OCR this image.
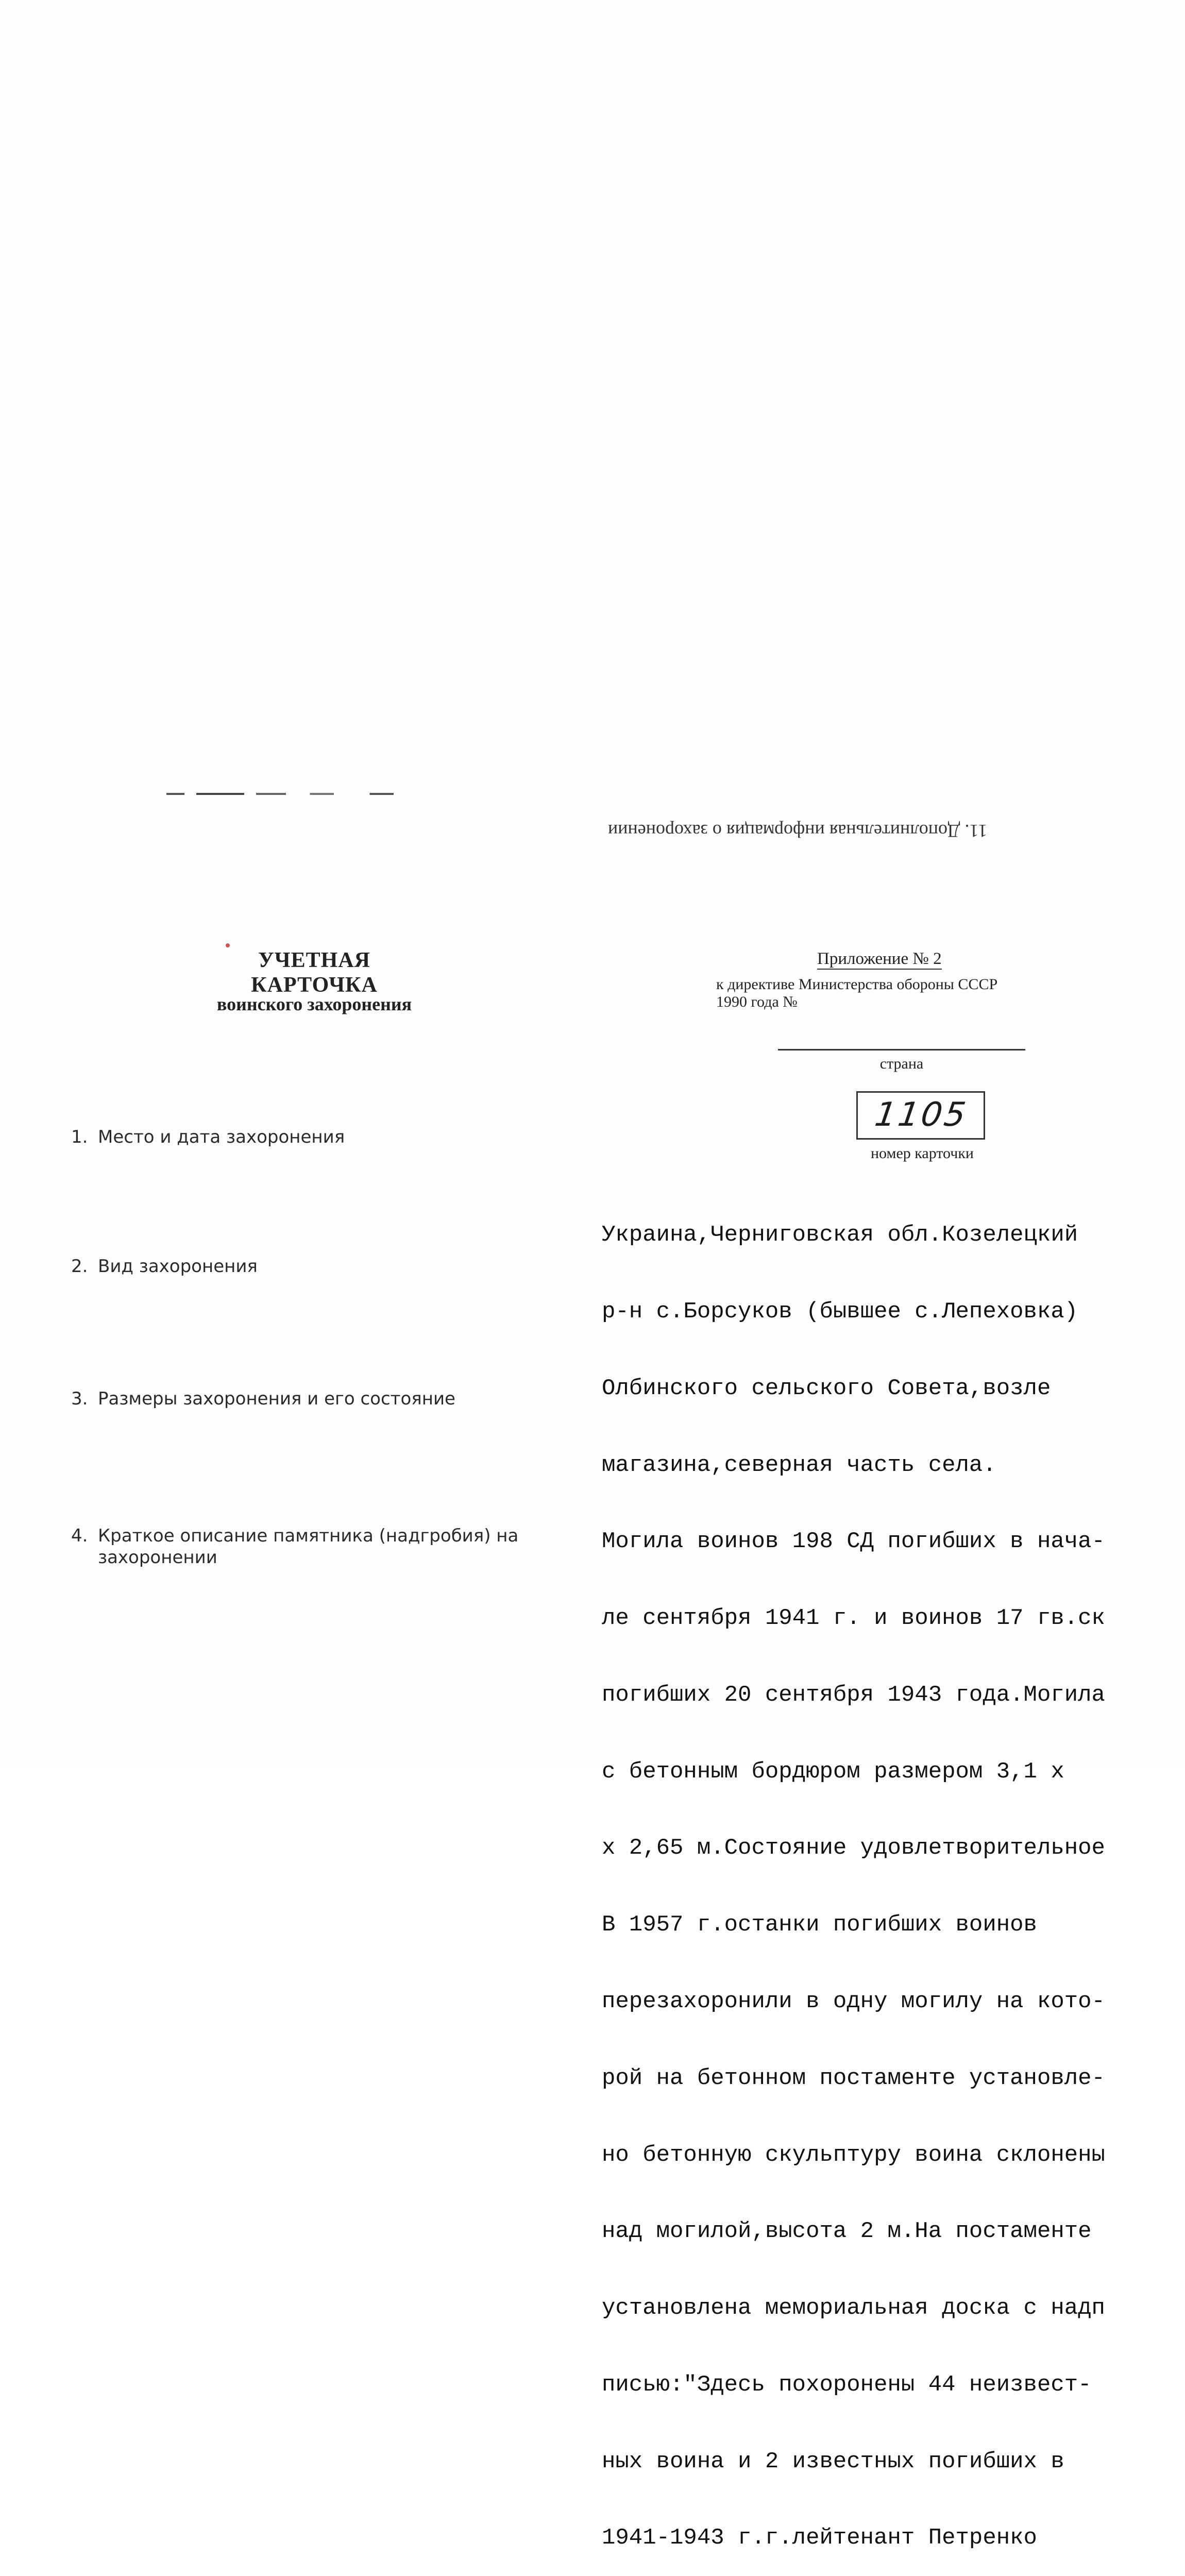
11. Дополнительная информация о захоронении
УЧЕТНАЯ КАРТОЧКА
воинского захоронения
Приложение № 2
к директиве Министерства обороны СССР
1990 года №
страна
1105
номер карточки
1. Место и дата захоронения
2. Вид захоронения
3. Размеры захоронения и его состояние
4. Краткое описание памятника (надгробия) на
захоронении

Украина,Черниговская обл.Козелецкий

р-н с.Борсуков (бывшее с.Лепеховка)

Олбинского сельского Совета,возле

магазина,северная часть села.

Могила воинов 198 СД погибших в нача-

ле сентября 1941 г. и воинов 17 гв.ск

погибших 20 сентября 1943 года.Могила

с бетонным бордюром размером 3,1 х

х 2,65 м.Состояние удовлетворительное

В 1957 г.останки погибших воинов

перезахоронили в одну могилу на кото-

рой на бетонном постаменте установле-

но бетонную скульптуру воина склонены

над могилой,высота 2 м.На постаменте

установлена мемориальная доска с надп

писью:"Здесь похоронены 44 неизвест-

ных воина и 2 известных погибших в

1941-1943 г.г.лейтенант Петренко
